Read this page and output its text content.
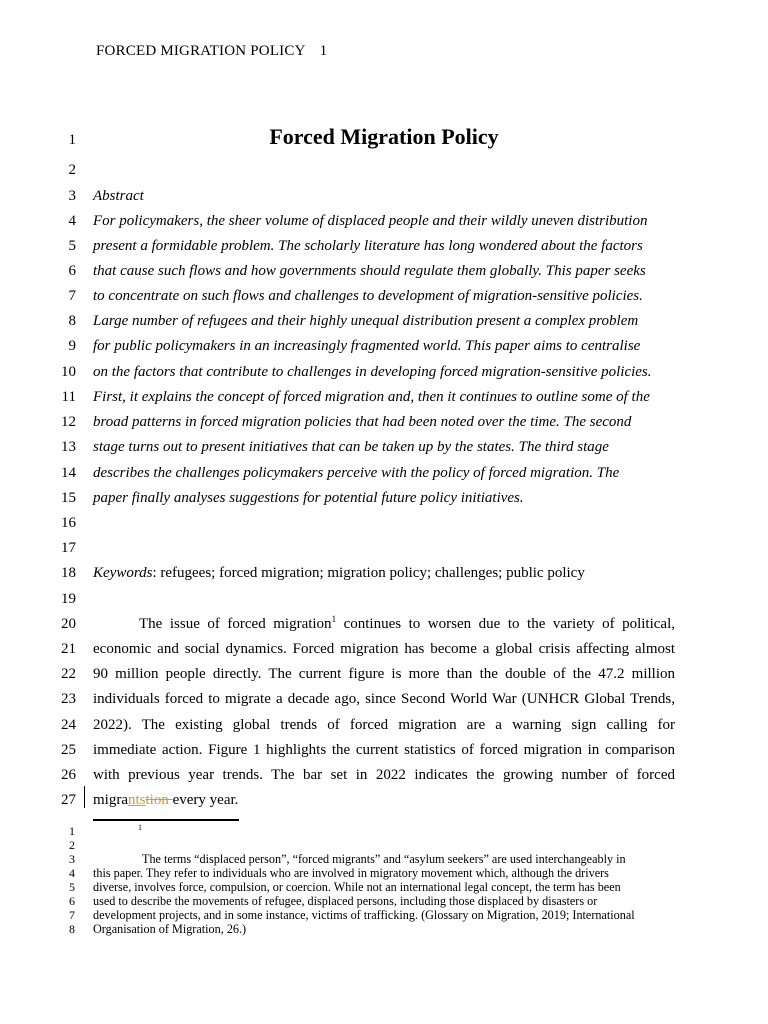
FORCED MIGRATION POLICY 1
1
2
3
4
5
6
7
8
9
10
11
12
13
14
15
16
17
18
19
20
21
22
23
24
25
26
27
Forced Migration Policy
Abstract
For policymakers, the sheer volume of displaced people and their wildly uneven distribution
present a formidable problem. The scholarly literature has long wondered about the factors
that cause such flows and how governments should regulate them globally. This paper seeks
to concentrate on such flows and challenges to development of migration-sensitive policies.
Large number of refugees and their highly unequal distribution present a complex problem
for public policymakers in an increasingly fragmented world. This paper aims to centralise
on the factors that contribute to challenges in developing forced migration-sensitive policies.
First, it explains the concept of forced migration and, then it continues to outline some of the
broad patterns in forced migration policies that had been noted over the time. The second
stage turns out to present initiatives that can be taken up by the states. The third stage
describes the challenges policymakers perceive with the policy of forced migration. The
paper finally analyses suggestions for potential future policy initiatives.
Keywords: refugees; forced migration; migration policy; challenges; public policy
The issue of forced migration$^1$ continues to worsen due to the variety of political,
economic and social dynamics. Forced migration has become a global crisis affecting almost
90 million people directly. The current figure is more than the double of the 47.2 million
individuals forced to migrate a decade ago, since Second World War (UNHCR Global Trends,
2022). The existing global trends of forced migration are a warning sign calling for
immediate action. Figure 1 highlights the current statistics of forced migration in comparison
with previous year trends. The bar set in 2022 indicates the growing number of forced
migrantstion every year.
1
1
2
3
4
5
6
7
8
The terms “displaced person”, “forced migrants” and “asylum seekers” are used interchangeably in
this paper. They refer to individuals who are involved in migratory movement which, although the drivers
diverse, involves force, compulsion, or coercion. While not an international legal concept, the term has been
used to describe the movements of refugee, displaced persons, including those displaced by disasters or
development projects, and in some instance, victims of trafficking. (Glossary on Migration, 2019; International
Organisation of Migration, 26.)
